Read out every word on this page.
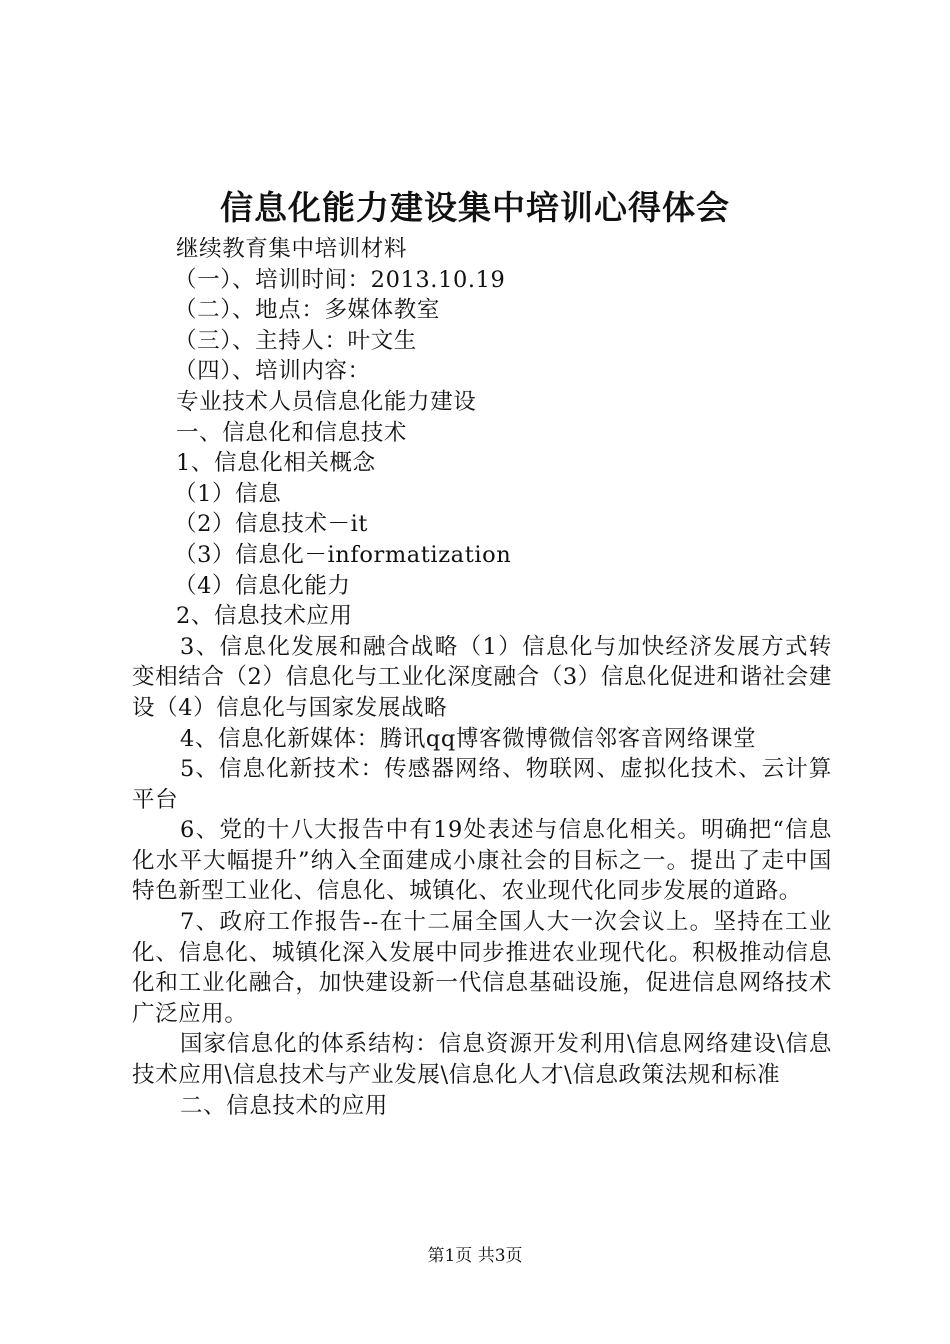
信息化能力建设集中培训心得体会

继续教育集中培训材料

（一）、培训时间：2013.10.19

（二）、地点：多媒体教室

（三）、主持人：叶文生

（四）、培训内容：

专业技术人员信息化能力建设

一、信息化和信息技术

1、信息化相关概念

（1）信息

（2）信息技术－it

（3）信息化－informatization

（4）信息化能力

2、信息技术应用

3、信息化发展和融合战略（1）信息化与加快经济发展方式转变相结合（2）信息化与工业化深度融合（3）信息化促进和谐社会建设（4）信息化与国家发展战略

4、信息化新媒体：腾讯qq博客微博微信邻客音网络课堂

5、信息化新技术：传感器网络、物联网、虚拟化技术、云计算平台

6、党的十八大报告中有19处表述与信息化相关。明确把“信息化水平大幅提升”纳入全面建成小康社会的目标之一。提出了走中国特色新型工业化、信息化、城镇化、农业现代化同步发展的道路。

7、政府工作报告--在十二届全国人大一次会议上。坚持在工业化、信息化、城镇化深入发展中同步推进农业现代化。积极推动信息化和工业化融合，加快建设新一代信息基础设施，促进信息网络技术广泛应用。

国家信息化的体系结构：信息资源开发利用\信息网络建设\信息技术应用\信息技术与产业发展\信息化人才\信息政策法规和标准

二、信息技术的应用

第1页 共3页
